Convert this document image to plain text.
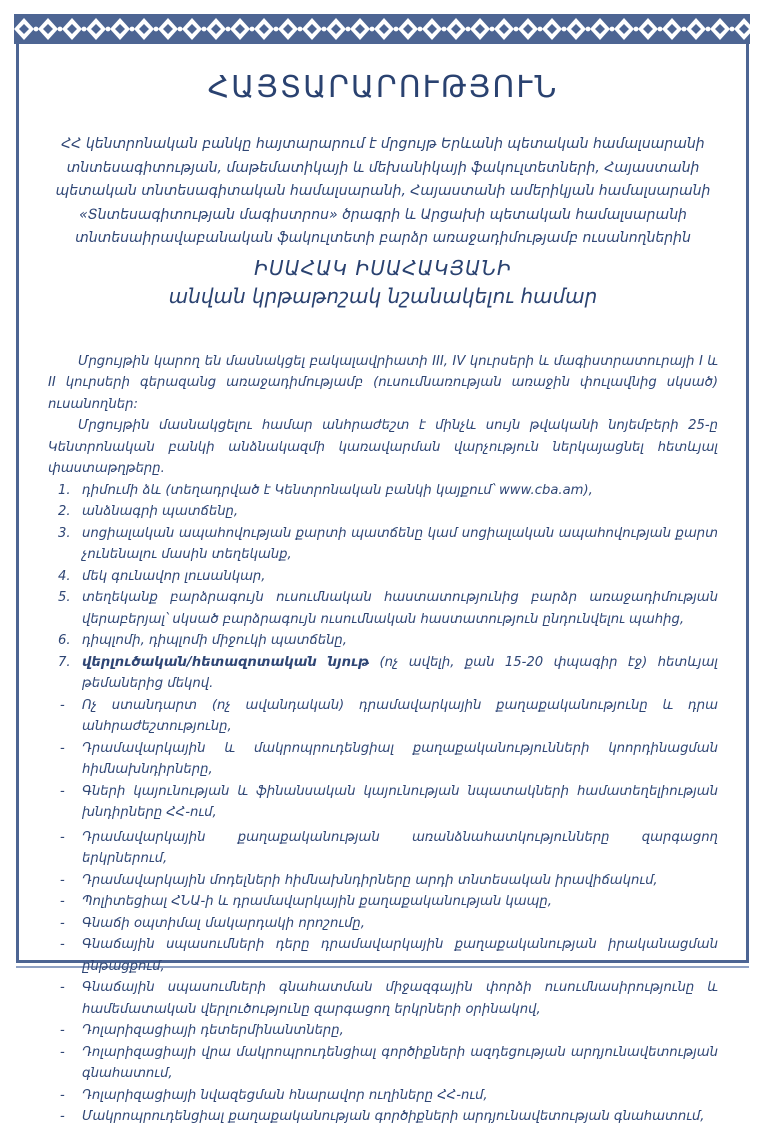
ՀԱՅՏԱՐԱՐՈՒԹՅՈՒՆ

ՀՀ կենտրոնական բանկը հայտարարում է մրցույթ Երևանի պետական համալսարանի տնտեսագիտության, մաթեմատիկայի և մեխանիկայի ֆակուլտետների, Հայաստանի պետական տնտեսագիտական համալսարանի, Հայաստանի ամերիկյան համալսարանի «Տնտեսագիտության մագիստրոս» ծրագրի և Արցախի պետական համալսարանի տնտեսաիրավաբանական ֆակուլտետի բարձր առաջադիմությամբ ուսանողներին

ԻՍԱՀԱԿ ԻՍԱՀԱԿՅԱՆԻ

անվան կրթաթոշակ նշանակելու համար

Մրցույթին կարող են մասնակցել բակալավրիատի III, IV կուրսերի և մագիստրատուրայի I և II կուրսերի գերազանց առաջադիմությամբ (ուսումնառության առաջին փուլավնից սկսած) ուսանողներ:

Մրցույթին մասնակցելու համար անհրաժեշտ է մինչև սույն թվականի նոյեմբերի 25-ը Կենտրոնական բանկի անձնակազմի կառավարման վարչություն ներկայացնել հետևյալ փաստաթղթերը.

1. դիմումի ձև (տեղադրված է Կենտրոնական բանկի կայքում՝ www.cba.am),
2. անձնագրի պատճենը,
3. սոցիալական ապահովության քարտի պատճենը կամ սոցիալական ապահովության քարտ չունենալու մասին տեղեկանք,
4. մեկ գունավոր լուսանկար,
5. տեղեկանք բարձրագույն ուսումնական հաստատությունից բարձր առաջադիմության վերաբերյալ՝ սկսած բարձրագույն ուսումնական հաստատություն ընդունվելու պահից,
6. դիպլոմի, դիպլոմի միջուկի պատճենը,
7. վերլուծական/հետազոտական նյութ (ոչ ավելի, քան 15-20 փպագիր էջ) հետևյալ թեմաներից մեկով.
- Ոչ ստանդարտ (ոչ ավանդական) դրամավարկային քաղաքականությունը և դրա անհրաժեշտությունը,
- Դրամավարկային և մակրոպրուդենցիալ քաղաքականությունների կոորդինացման հիմնախնդիրները,
- Գների կայունության և ֆինանսական կայունության նպատակների համատեղելիության խնդիրները ՀՀ-ում,
- Դրամավարկային քաղաքականության առանձնահատկությունները զարգացող երկրներում,
- Դրամավարկային մոդելների հիմնախնդիրները արդի տնտեսական իրավիճակում,
- Պոլիտեցիալ ՀՆԱ-ի և դրամավարկային քաղաքականության կապը,
- Գնաճի օպտիմալ մակարդակի որոշումը,
- Գնաճային սպասումների դերը դրամավարկային քաղաքականության իրականացման ընթացքում,
- Գնաճային սպասումների գնահատման միջազգային փորձի ուսումնասիրությունը և համեմատական վերլուծությունը զարգացող երկրների օրինակով,
- Դոլարիզացիայի դետերմինանտները,
- Դոլարիզացիայի վրա մակրոպրուդենցիալ գործիքների ազդեցության արդյունավետության գնահատում,
- Դոլարիզացիայի նվազեցման հնարավոր ուղիները ՀՀ-ում,
- Մակրոպրուդենցիալ քաղաքականության գործիքների արդյունավետության գնահատում,
